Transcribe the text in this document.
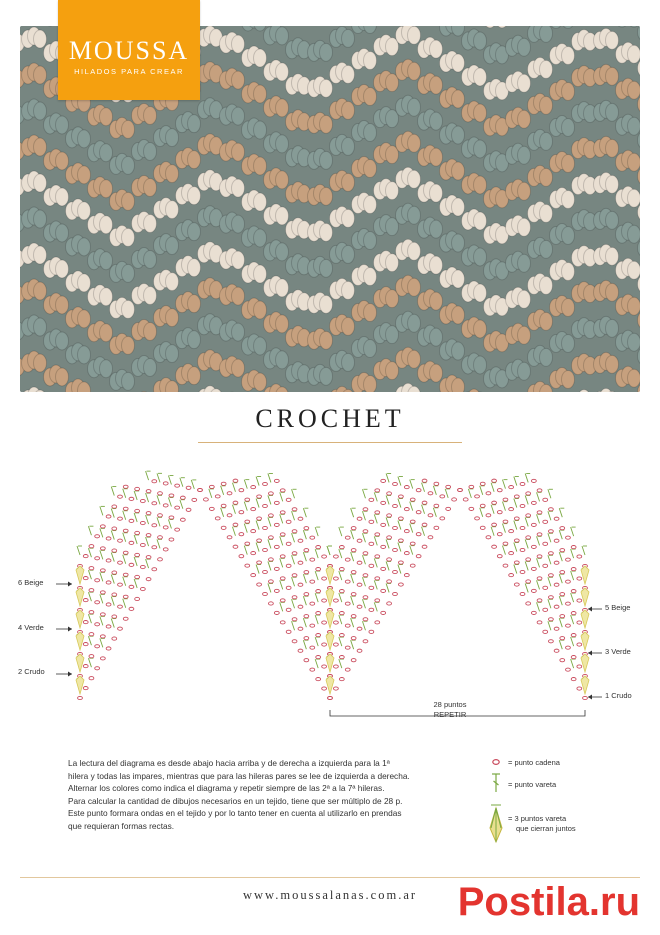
MOUSSA
HILADOS PARA CREAR
CROCHET
6 Beige
4 Verde
2 Crudo
5 Beige
3 Verde
1 Crudo
28 puntos
REPETIR

La lectura del diagrama es desde abajo hacia arriba y de derecha a izquierda para la 1ª

hilera y todas las impares, mientras que para las hileras pares se lee de izquierda a derecha.

Alternar los colores como indica el diagrama y repetir siempre de las 2ª a la 7ª hileras.

Para calcular la cantidad de dibujos necesarios en un tejido, tiene que ser múltiplo de 28 p.

Este punto formara ondas en el tejido y por lo tanto tener en cuenta al utilizarlo en prendas

que requieran formas rectas.

= punto cadena
= punto vareta
= 3 puntos vareta
que cierran juntos
www.moussalanas.com.ar	Postila.ru
